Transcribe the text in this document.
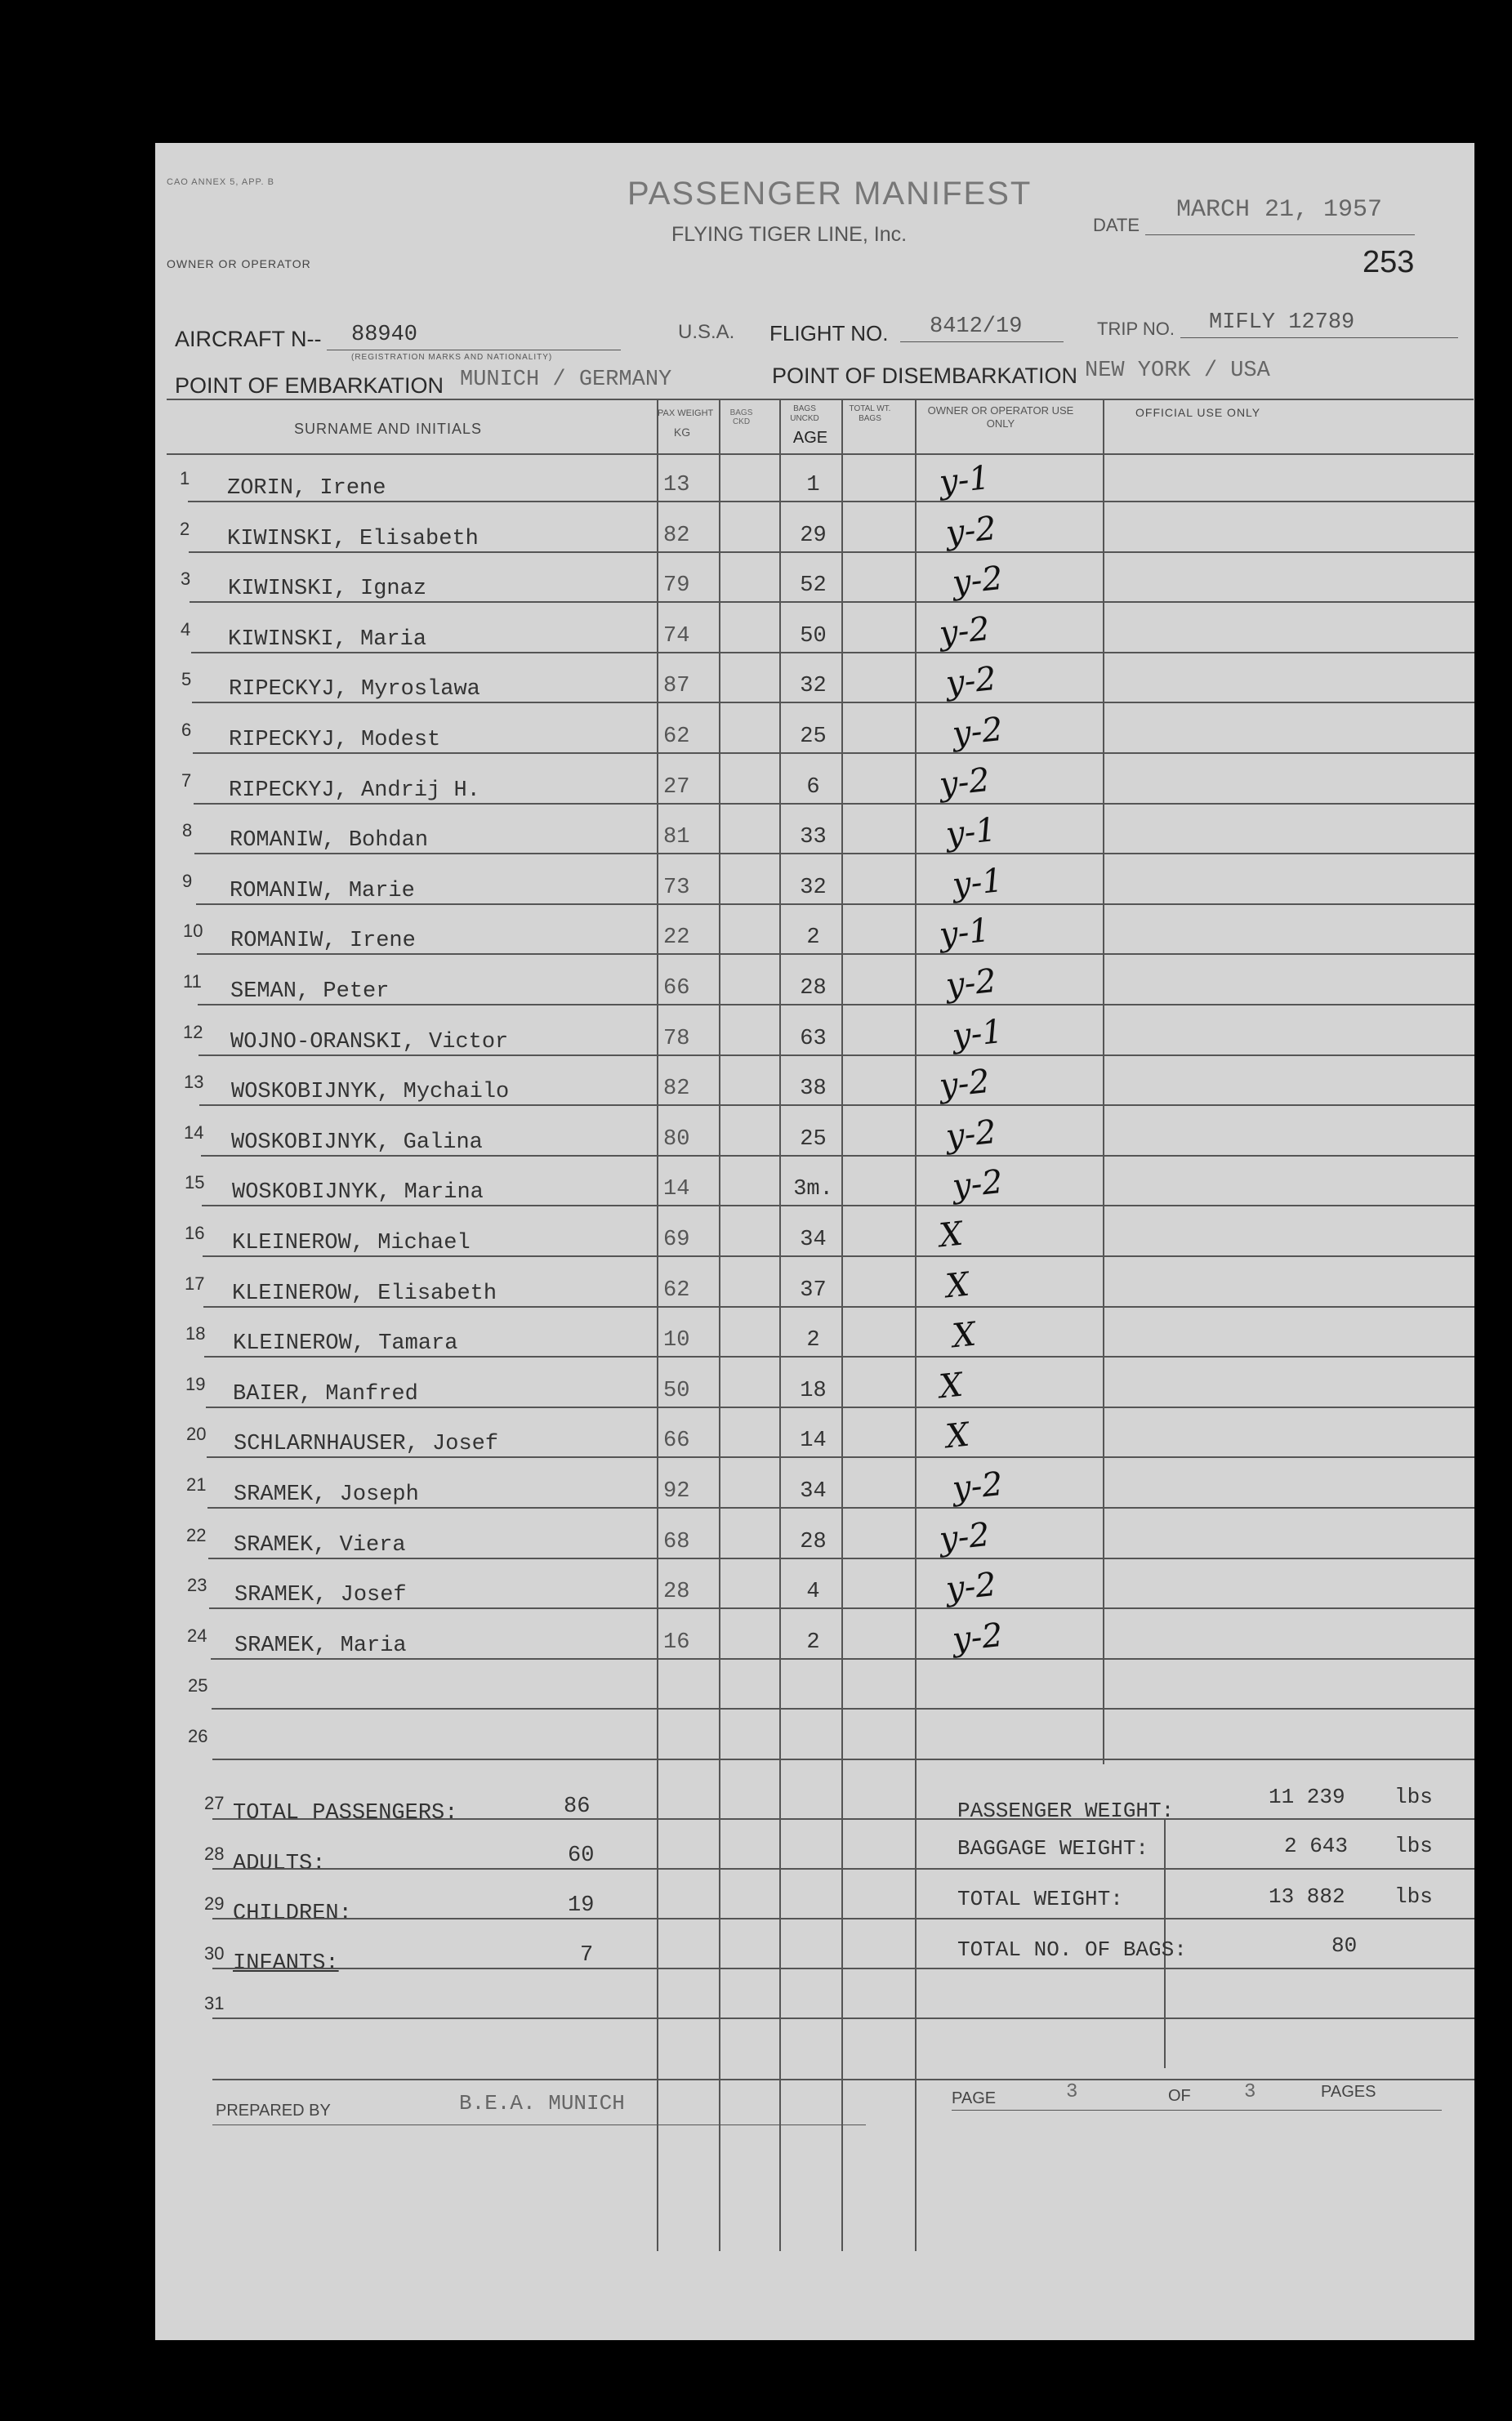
CAO ANNEX 5, APP. B
OWNER OR OPERATOR
PASSENGER MANIFEST
FLYING TIGER LINE, Inc.	DATE
MARCH 21, 1957
253
AIRCRAFT N-- 88940
(REGISTRATION MARKS AND NATIONALITY)
U.S.A. FLIGHT NO. 8412/19	TRIP NO. MIFLY 12789
POINT OF EMBARKATION MUNICH / GERMANY	POINT OF DISEMBARKATION NEW YORK / USA
SURNAME AND INITIALS
PAX WEIGHT
KG
BAGS CKD
BAGS UNCKD
AGE
TOTAL WT. BAGS
OWNER OR OPERATOR USE ONLY
OFFICIAL USE ONLY
1 ZORIN, Irene	13	1	y-1
2 KIWINSKI, Elisabeth	82	29	y-2
3 KIWINSKI, Ignaz	79	52	y-2
4 KIWINSKI, Maria	74	50	y-2
5 RIPECKYJ, Myroslawa	87	32	y-2
6 RIPECKYJ, Modest	62	25	y-2
7 RIPECKYJ, Andrij H.	27	6	y-2
8 ROMANIW, Bohdan	81	33	y-1
9 ROMANIW, Marie	73	32	y-1
10 ROMANIW, Irene	22	2	y-1
11 SEMAN, Peter	66	28	y-2
12 WOJNO-ORANSKI, Victor	78	63	y-1
13 WOSKOBIJNYK, Mychailo	82	38	y-2
14 WOSKOBIJNYK, Galina	80	25	y-2
15 WOSKOBIJNYK, Marina	14	3m.	y-2
16 KLEINEROW, Michael	69	34	X
17 KLEINEROW, Elisabeth	62	37	X
18 KLEINEROW, Tamara	10	2	X
19 BAIER, Manfred	50	18	X
20 SCHLARNHAUSER, Josef	66	14	X
21 SRAMEK, Joseph	92	34	y-2
22 SRAMEK, Viera	68	28	y-2
23 SRAMEK, Josef	28	4	y-2
24 SRAMEK, Maria	16	2	y-2
25
26
27 TOTAL PASSENGERS:	86
28 ADULTS:	60
29 CHILDREN:	19
30 INFANTS:	7
31
PASSENGER WEIGHT:
11 239 lbs
BAGGAGE WEIGHT:	2 643 lbs
TOTAL WEIGHT:	13 882 lbs
TOTAL NO. OF BAGS:	80
PREPARED BY	B.E.A. MUNICH	PAGE	3	OF	3	PAGES
